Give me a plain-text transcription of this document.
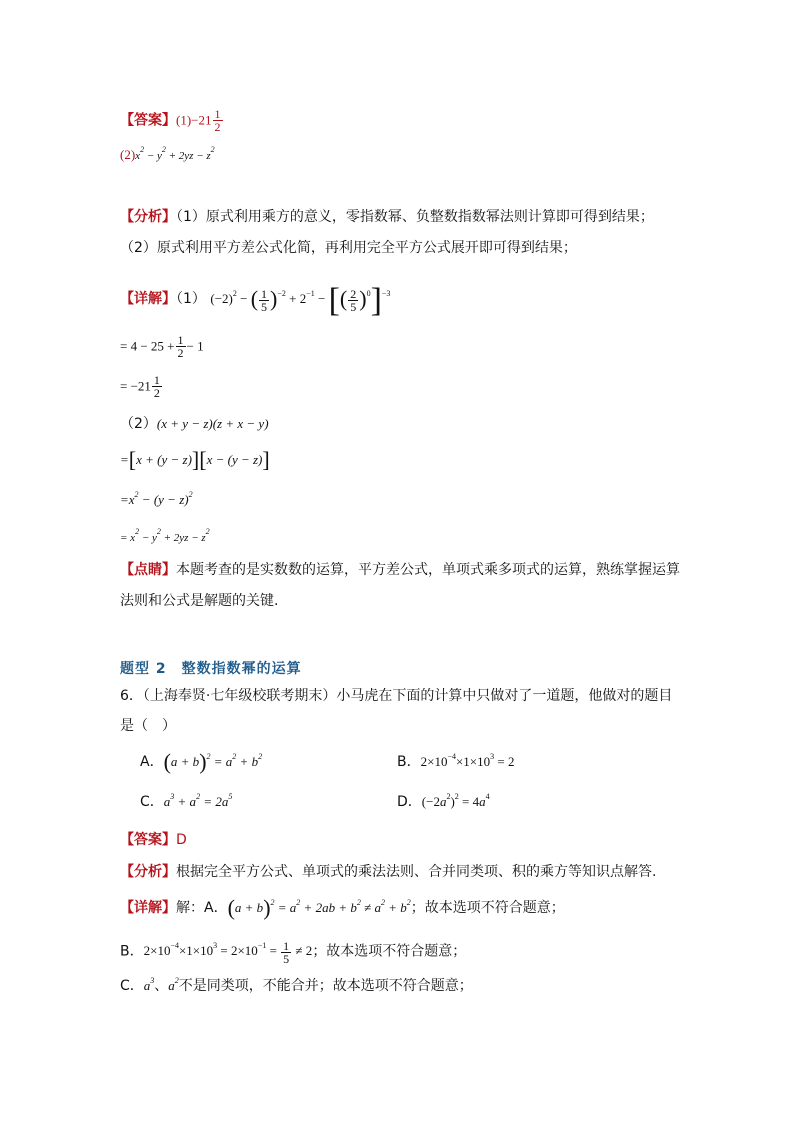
【答案】$(1)-21 \frac{1}{2}$
$(2)x^2 - y^2 + 2yz - z^2$
【分析】（1）原式利用乘方的意义，零指数幂、负整数指数幂法则计算即可得到结果；
（2）原式利用平方差公式化简，再利用完全平方公式展开即可得到结果；
【详解】（1） $(-2)^2$ − ( $\frac{1}{5} )^{-2} + 2^{-1}$ − [( $\frac{2}{5} )^0]^{-3}$
= $4 - 25 + \frac{1}{2} - 1$
= $-21 \frac{1}{2}$
（2）(x + y − z)(z + x − y)
=[x + (y − z)][x − (y − z)]
$=x^2 - (y - z)^2$
= $x^2 - y^2 + 2yz - z^2$
【点睛】本题考查的是实数数的运算，平方差公式，单项式乘多项式的运算，熟练掌握运算
法则和公式是解题的关键.
题型 2　整数指数幂的运算
6．（上海奉贤·七年级校联考期末）小马虎在下面的计算中只做对了一道题，他做对的题目
是（　）
A．$(a + b)^2 = a^2 + b^2$	B．$2\times 10^{-4}\times 1\times 10^3 = 2$
C．$a^3 + a^2 = 2a^5$	D．$(-2a^2)^2 = 4a^4$
【答案】D
【分析】根据完全平方公式、单项式的乘法法则、合并同类项、积的乘方等知识点解答.
【详解】解：A．$(a + b)^2 = a^2 + 2ab + b^2 \ne a^2 + b^2$；故本选项不符合题意；
B．$2\times 10^{-4}\times 1\times 10^3 = 2\times 10^{-1} = \frac{1}{5} \ne 2$；故本选项不符合题意；
C．$a^3$、$a^2$不是同类项，不能合并；故本选项不符合题意；
